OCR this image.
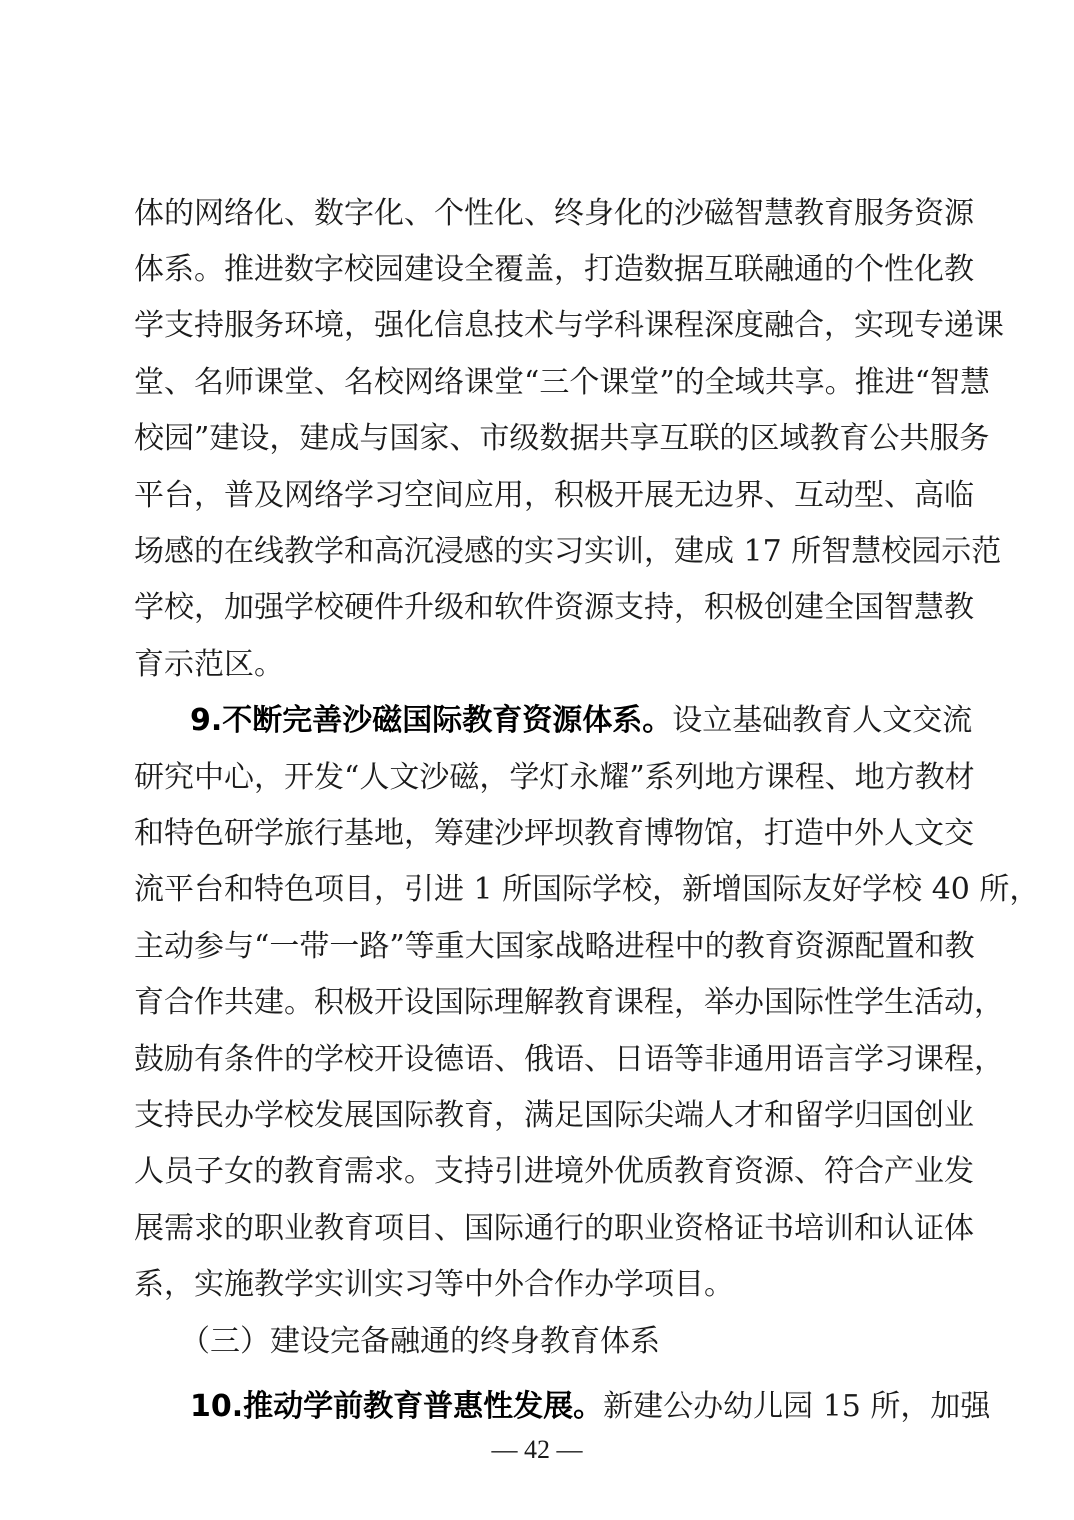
体的网络化、数字化、个性化、终身化的沙磁智慧教育服务资源
体系。推进数字校园建设全覆盖，打造数据互联融通的个性化教
学支持服务环境，强化信息技术与学科课程深度融合，实现专递课
堂、名师课堂、名校网络课堂“三个课堂”的全域共享。推进“智慧
校园”建设，建成与国家、市级数据共享互联的区域教育公共服务
平台，普及网络学习空间应用，积极开展无边界、互动型、高临
场感的在线教学和高沉浸感的实习实训，建成 17 所智慧校园示范
学校，加强学校硬件升级和软件资源支持，积极创建全国智慧教
育示范区。
9.不断完善沙磁国际教育资源体系。设立基础教育人文交流
研究中心，开发“人文沙磁，学灯永耀”系列地方课程、地方教材
和特色研学旅行基地，筹建沙坪坝教育博物馆，打造中外人文交
流平台和特色项目，引进 1 所国际学校，新增国际友好学校 40 所，
主动参与“一带一路”等重大国家战略进程中的教育资源配置和教
育合作共建。积极开设国际理解教育课程，举办国际性学生活动，
鼓励有条件的学校开设德语、俄语、日语等非通用语言学习课程，
支持民办学校发展国际教育，满足国际尖端人才和留学归国创业
人员子女的教育需求。支持引进境外优质教育资源、符合产业发
展需求的职业教育项目、国际通行的职业资格证书培训和认证体
系，实施教学实训实习等中外合作办学项目。
（三）建设完备融通的终身教育体系
10.推动学前教育普惠性发展。新建公办幼儿园 15 所，加强
— 42 —
